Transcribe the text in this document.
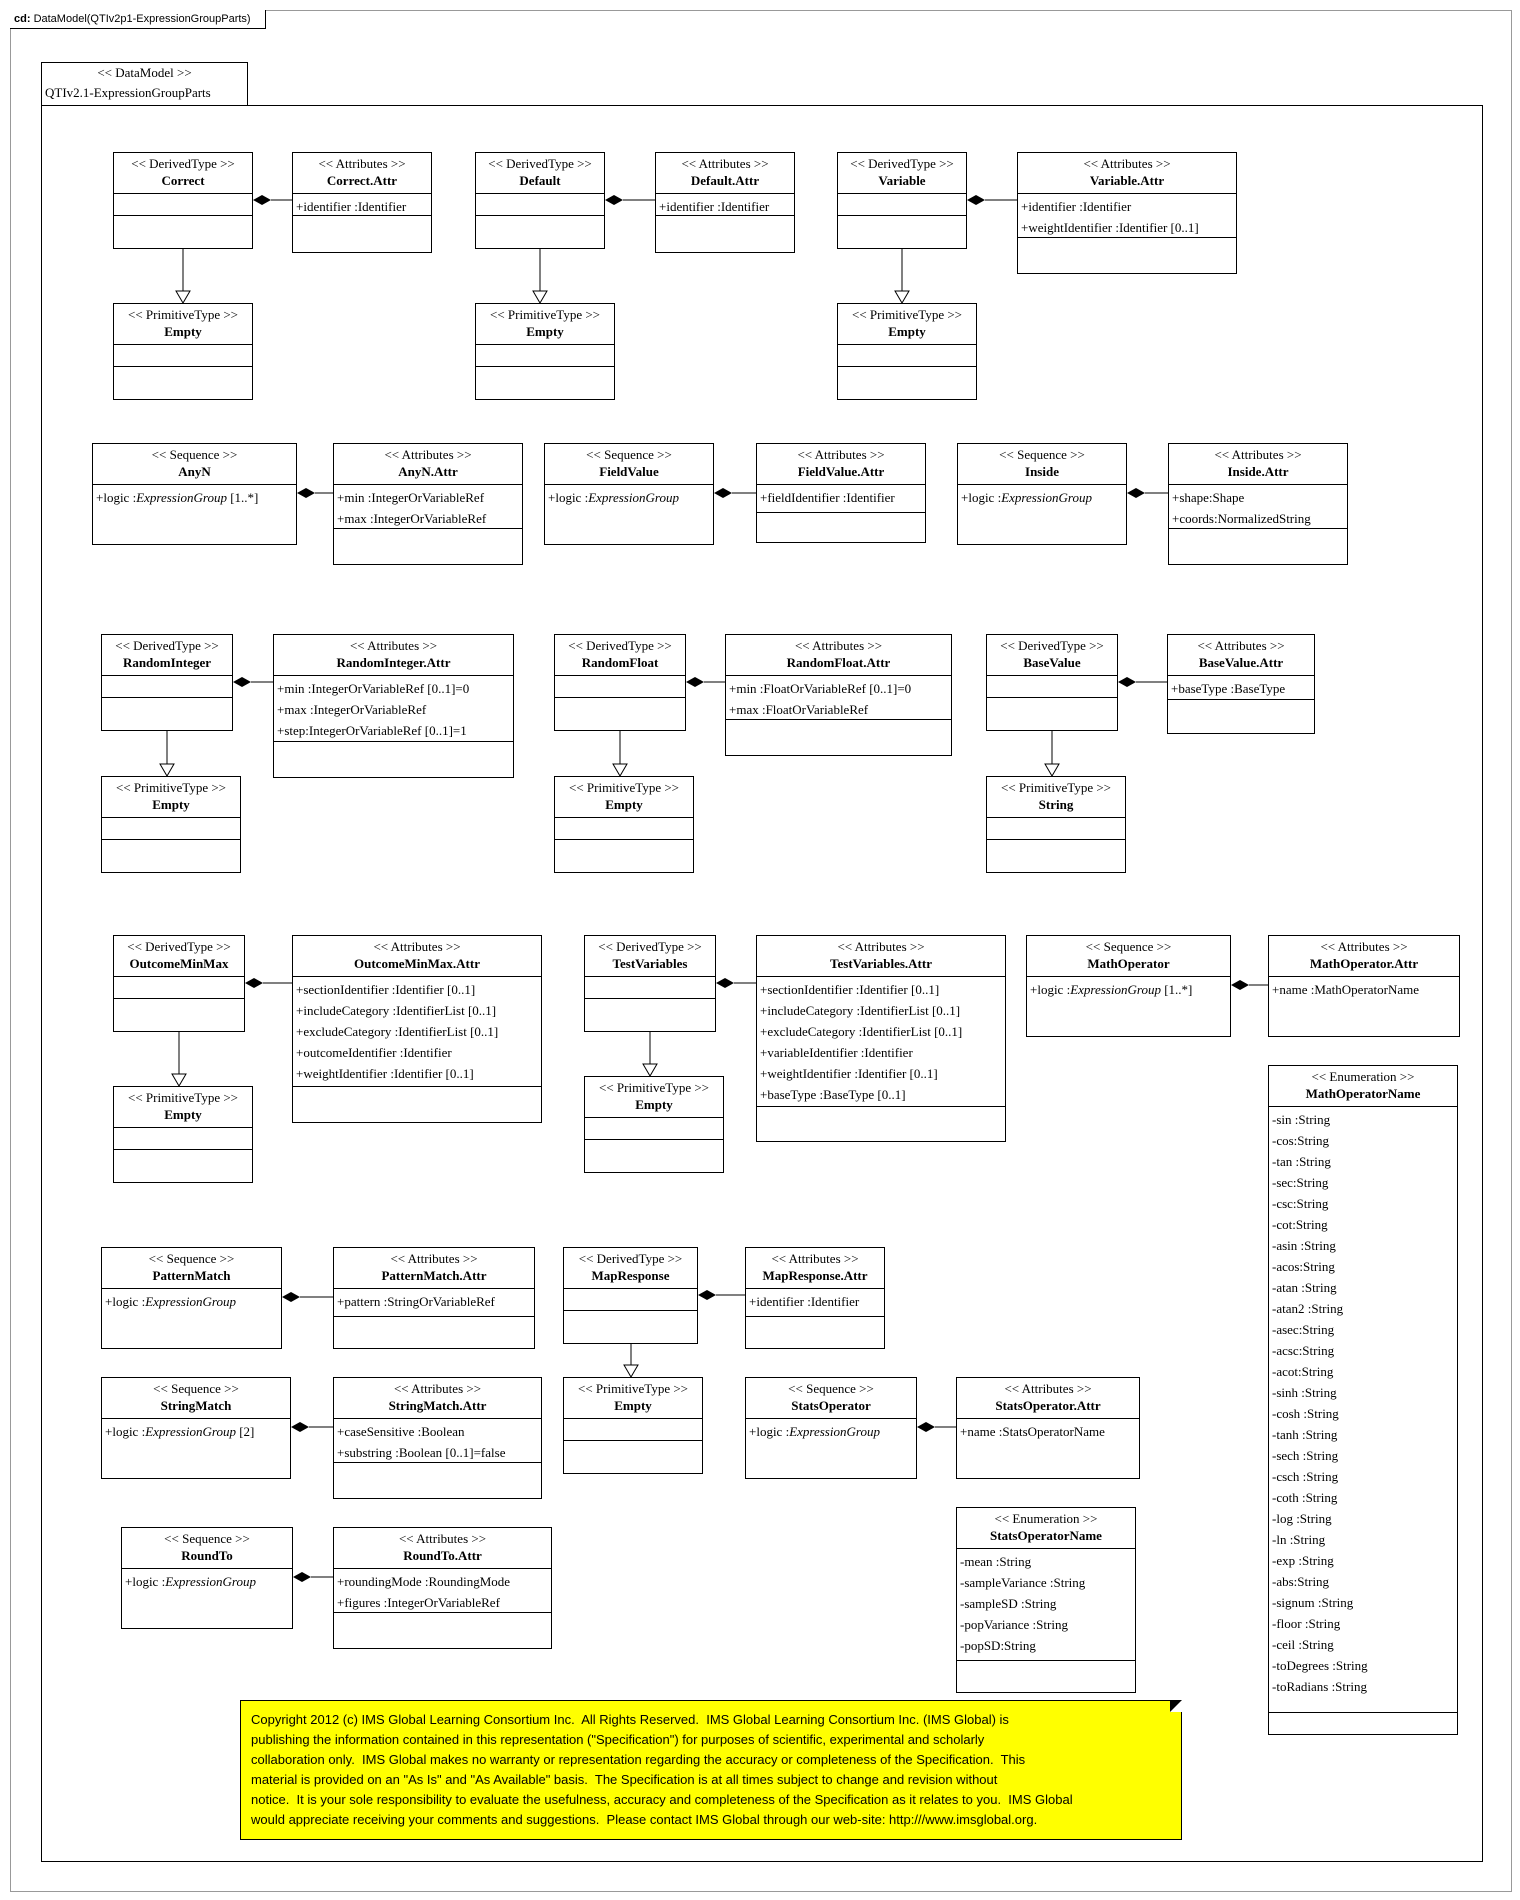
cd: DataModel(QTIv2p1-ExpressionGroupParts)
<< DataModel >>
QTIv2.1-ExpressionGroupParts
<< DerivedType >>
Correct
<< Attributes >>
Correct.Attr
+identifier :Identifier
<< PrimitiveType >>
Empty
<< DerivedType >>
Default
<< Attributes >>
Default.Attr
+identifier :Identifier
<< PrimitiveType >>
Empty
<< DerivedType >>
Variable
<< Attributes >>
Variable.Attr
+identifier :Identifier
+weightIdentifier :Identifier [0..1]
<< PrimitiveType >>
Empty
<< Sequence >>
AnyN
+logic :ExpressionGroup [1..*]
<< Attributes >>
AnyN.Attr
+min :IntegerOrVariableRef
+max :IntegerOrVariableRef
<< Sequence >>
FieldValue
+logic :ExpressionGroup
<< Attributes >>
FieldValue.Attr
+fieldIdentifier :Identifier
<< Sequence >>
Inside
+logic :ExpressionGroup
<< Attributes >>
Inside.Attr
+shape:Shape
+coords:NormalizedString
<< DerivedType >>
RandomInteger
<< Attributes >>
RandomInteger.Attr
+min :IntegerOrVariableRef [0..1]=0
+max :IntegerOrVariableRef
+step:IntegerOrVariableRef [0..1]=1
<< PrimitiveType >>
Empty
<< DerivedType >>
RandomFloat
<< Attributes >>
RandomFloat.Attr
+min :FloatOrVariableRef [0..1]=0
+max :FloatOrVariableRef
<< PrimitiveType >>
Empty
<< DerivedType >>
BaseValue
<< Attributes >>
BaseValue.Attr
+baseType :BaseType
<< PrimitiveType >>
String
<< DerivedType >>
OutcomeMinMax
<< Attributes >>
OutcomeMinMax.Attr
+sectionIdentifier :Identifier [0..1]
+includeCategory :IdentifierList [0..1]
+excludeCategory :IdentifierList [0..1]
+outcomeIdentifier :Identifier
+weightIdentifier :Identifier [0..1]
<< PrimitiveType >>
Empty
<< DerivedType >>
TestVariables
<< Attributes >>
TestVariables.Attr
+sectionIdentifier :Identifier [0..1]
+includeCategory :IdentifierList [0..1]
+excludeCategory :IdentifierList [0..1]
+variableIdentifier :Identifier
+weightIdentifier :Identifier [0..1]
+baseType :BaseType [0..1]
<< PrimitiveType >>
Empty
<< Sequence >>
MathOperator
+logic :ExpressionGroup [1..*]
<< Attributes >>
MathOperator.Attr
+name :MathOperatorName
<< Enumeration >>
MathOperatorName
-sin :String
-cos:String
-tan :String
-sec:String
-csc:String
-cot:String
-asin :String
-acos:String
-atan :String
-atan2 :String
-asec:String
-acsc:String
-acot:String
-sinh :String
-cosh :String
-tanh :String
-sech :String
-csch :String
-coth :String
-log :String
-ln :String
-exp :String
-abs:String
-signum :String
-floor :String
-ceil :String
-toDegrees :String
-toRadians :String
<< Sequence >>
PatternMatch
+logic :ExpressionGroup
<< Attributes >>
PatternMatch.Attr
+pattern :StringOrVariableRef
<< DerivedType >>
MapResponse
<< Attributes >>
MapResponse.Attr
+identifier :Identifier
<< PrimitiveType >>
Empty
<< Sequence >>
StringMatch
+logic :ExpressionGroup [2]
<< Attributes >>
StringMatch.Attr
+caseSensitive :Boolean
+substring :Boolean [0..1]=false
<< Sequence >>
StatsOperator
+logic :ExpressionGroup
<< Attributes >>
StatsOperator.Attr
+name :StatsOperatorName
<< Enumeration >>
StatsOperatorName
-mean :String
-sampleVariance :String
-sampleSD :String
-popVariance :String
-popSD:String
<< Sequence >>
RoundTo
+logic :ExpressionGroup
<< Attributes >>
RoundTo.Attr
+roundingMode :RoundingMode
+figures :IntegerOrVariableRef
Copyright 2012 (c) IMS Global Learning Consortium Inc.  All Rights Reserved.  IMS Global Learning Consortium Inc. (IMS Global) is
publishing the information contained in this representation ("Specification") for purposes of scientific, experimental and scholarly
collaboration only.  IMS Global makes no warranty or representation regarding the accuracy or completeness of the Specification.  This
material is provided on an "As Is" and "As Available" basis.  The Specification is at all times subject to change and revision without
notice.  It is your sole responsibility to evaluate the usefulness, accuracy and completeness of the Specification as it relates to you.  IMS Global
would appreciate receiving your comments and suggestions.  Please contact IMS Global through our web-site: http:///www.imsglobal.org.
